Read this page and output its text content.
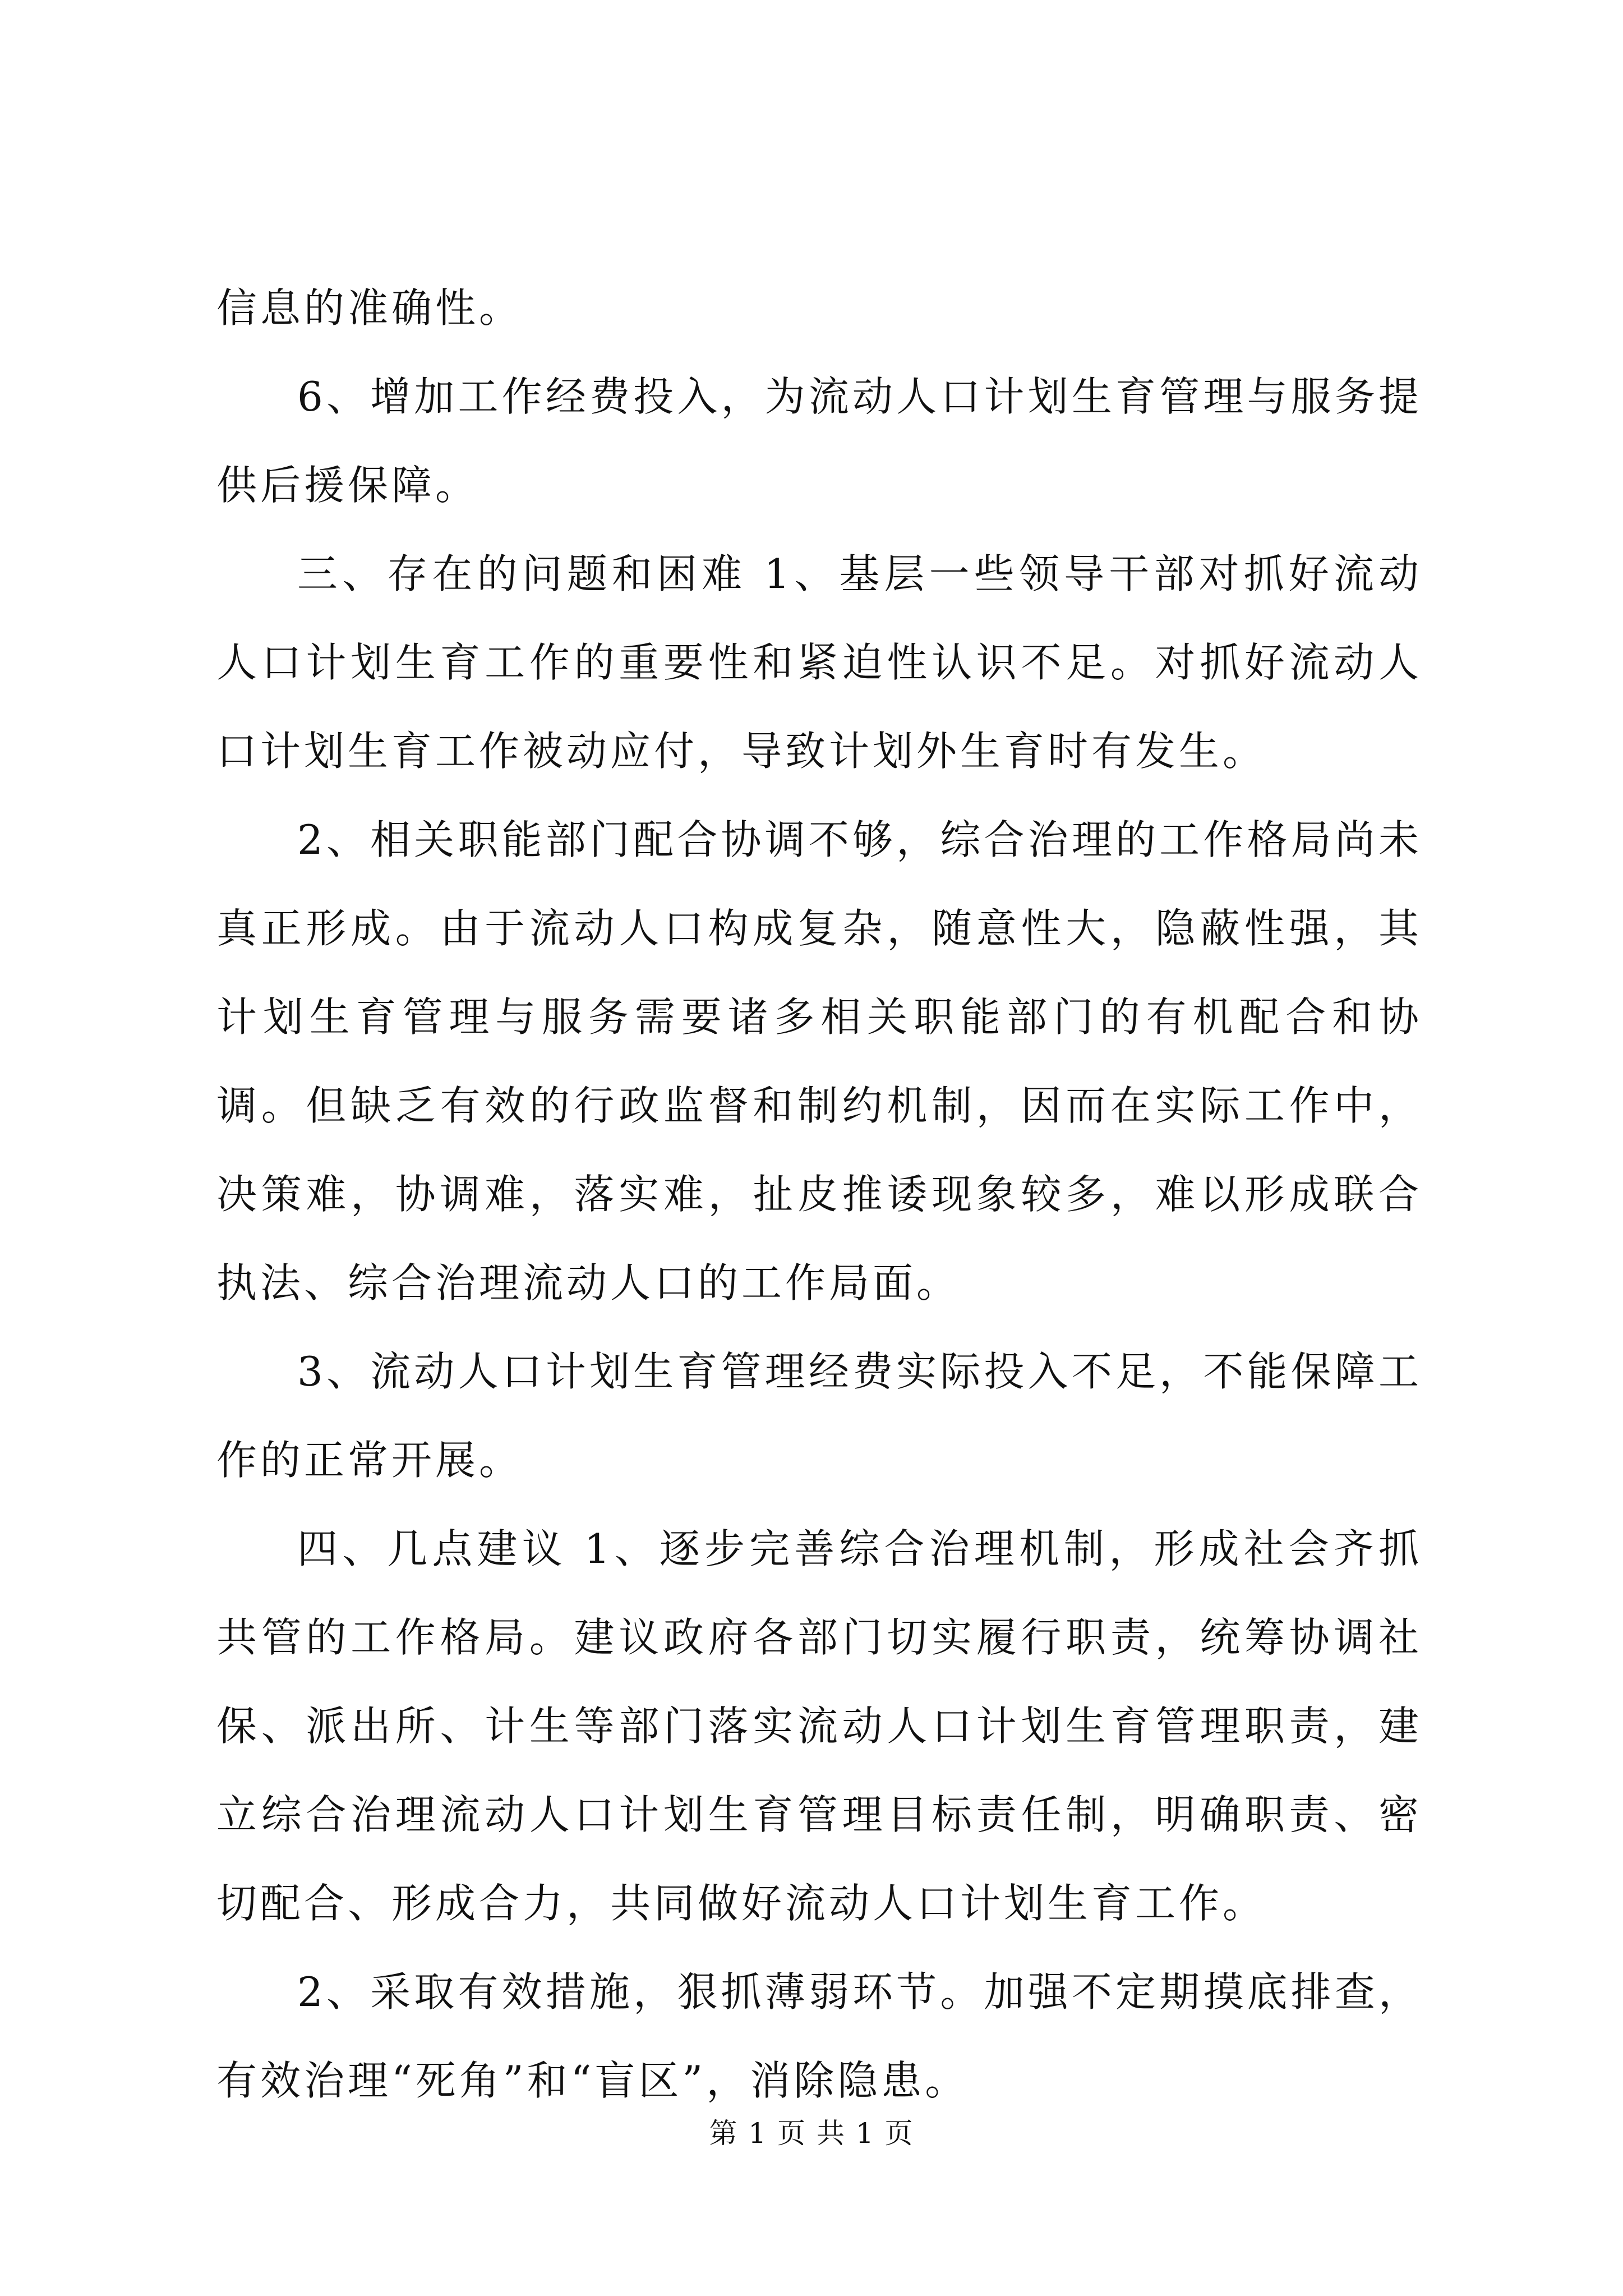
信息的准确性。

6、增加工作经费投入，为流动人口计划生育管理与服务提供后援保障。

三、存在的问题和困难 1、基层一些领导干部对抓好流动人口计划生育工作的重要性和紧迫性认识不足。对抓好流动人口计划生育工作被动应付，导致计划外生育时有发生。

2、相关职能部门配合协调不够，综合治理的工作格局尚未真正形成。由于流动人口构成复杂，随意性大，隐蔽性强，其计划生育管理与服务需要诸多相关职能部门的有机配合和协调。但缺乏有效的行政监督和制约机制，因而在实际工作中，决策难，协调难，落实难，扯皮推诿现象较多，难以形成联合执法、综合治理流动人口的工作局面。

3、流动人口计划生育管理经费实际投入不足，不能保障工作的正常开展。

四、几点建议 1、逐步完善综合治理机制，形成社会齐抓共管的工作格局。建议政府各部门切实履行职责，统筹协调社保、派出所、计生等部门落实流动人口计划生育管理职责，建立综合治理流动人口计划生育管理目标责任制，明确职责、密切配合、形成合力，共同做好流动人口计划生育工作。

2、采取有效措施，狠抓薄弱环节。加强不定期摸底排查，有效治理“死角”和“盲区”，消除隐患。

第 1 页 共 1 页
